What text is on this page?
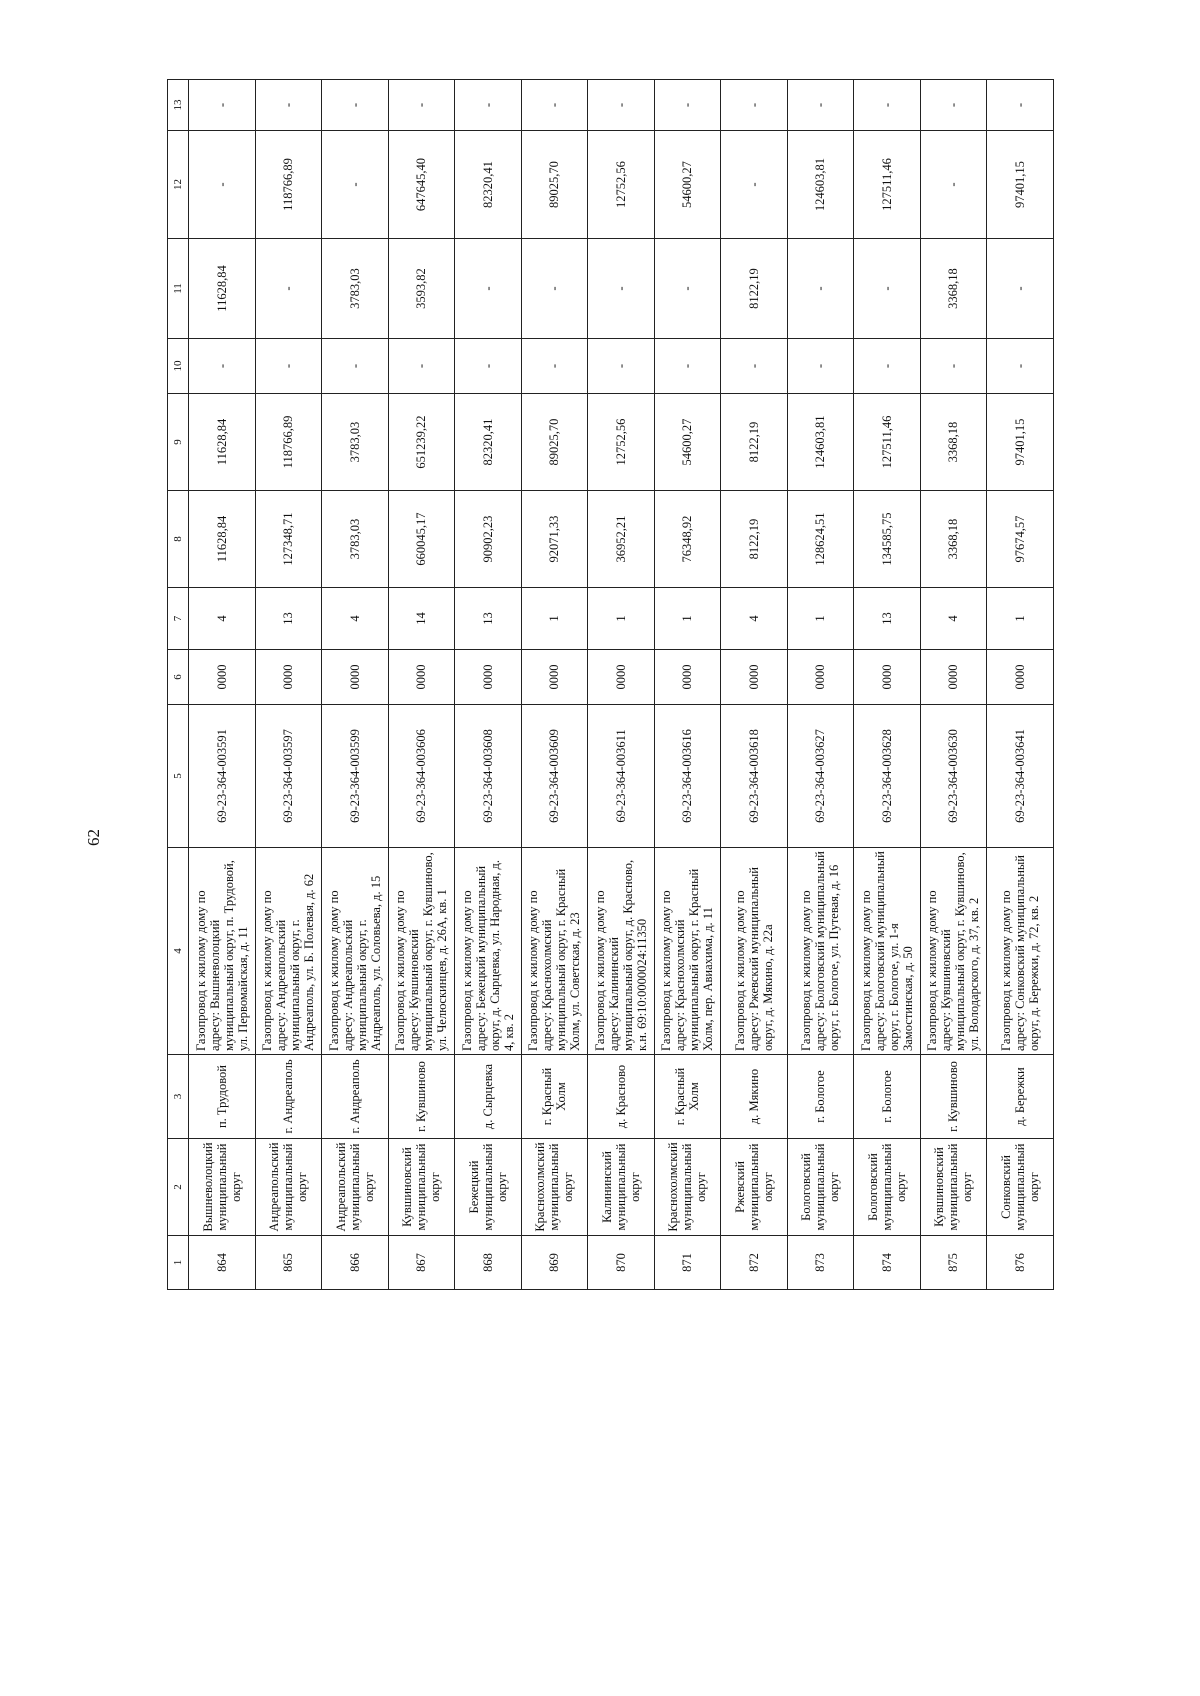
62
1	2	3	4	5	6	7	8	9	10	11	12	13
864	Вышневолоцкий муниципальный округ	п. Трудовой	Газопровод к жилому дому по адресу: Вышневолоцкий муниципальный округ, п. Трудовой, ул. Первомайская, д. 11	69-23-364-003591	0000	4	11628,84	11628,84	-	11628,84	-	-
865	Андреапольский муниципальный округ	г. Андреаполь	Газопровод к жилому дому по адресу: Андреапольский муниципальный округ, г. Андреаполь, ул. Б. Полевая, д. 62	69-23-364-003597	0000	13	127348,71	118766,89	-	-	118766,89	-
866	Андреапольский муниципальный округ	г. Андреаполь	Газопровод к жилому дому по адресу: Андреапольский муниципальный округ, г. Андреаполь, ул. Соловьева, д. 15	69-23-364-003599	0000	4	3783,03	3783,03	-	3783,03	-	-
867	Кувшиновский муниципальный округ	г. Кувшиново	Газопровод к жилому дому по адресу: Кувшиновский муниципальный округ, г. Кувшиново, ул. Челюскинцев, д. 26А, кв. 1	69-23-364-003606	0000	14	660045,17	651239,22	-	3593,82	647645,40	-
868	Бежецкий муниципальный округ	д. Сырцевка	Газопровод к жилому дому по адресу: Бежецкий муниципальный округ, д. Сырцевка, ул. Народная, д. 4, кв. 2	69-23-364-003608	0000	13	90902,23	82320,41	-	-	82320,41	-
869	Краснохолмский муниципальный округ	г. Красный Холм	Газопровод к жилому дому по адресу: Краснохолмский муниципальный округ, г. Красный Холм, ул. Советская, д. 23	69-23-364-003609	0000	1	92071,33	89025,70	-	-	89025,70	-
870	Калининский муниципальный округ	д. Красново	Газопровод к жилому дому по адресу: Калининский муниципальный округ, д. Красново, к.н. 69:10:0000024:11350	69-23-364-003611	0000	1	36952,21	12752,56	-	-	12752,56	-
871	Краснохолмский муниципальный округ	г. Красный Холм	Газопровод к жилому дому по адресу: Краснохолмский муниципальный округ, г. Красный Холм, пер. Авиахима, д. 11	69-23-364-003616	0000	1	76348,92	54600,27	-	-	54600,27	-
872	Ржевский муниципальный округ	д. Мякино	Газопровод к жилому дому по адресу: Ржевский муниципальный округ, д. Мякино, д. 22а	69-23-364-003618	0000	4	8122,19	8122,19	-	8122,19	-	-
873	Бологовский муниципальный округ	г. Бологое	Газопровод к жилому дому по адресу: Бологовский муниципальный округ, г. Бологое, ул. Путевая, д. 16	69-23-364-003627	0000	1	128624,51	124603,81	-	-	124603,81	-
874	Бологовский муниципальный округ	г. Бологое	Газопровод к жилому дому по адресу: Бологовский муниципальный округ, г. Бологое, ул. 1-я Замостинская, д. 50	69-23-364-003628	0000	13	134585,75	127511,46	-	-	127511,46	-
875	Кувшиновский муниципальный округ	г. Кувшиново	Газопровод к жилому дому по адресу: Кувшиновский муниципальный округ, г. Кувшиново, ул. Володарского, д. 37, кв. 2	69-23-364-003630	0000	4	3368,18	3368,18	-	3368,18	-	-
876	Сонковский муниципальный округ	д. Бережки	Газопровод к жилому дому по адресу: Сонковский муниципальный округ, д. Бережки, д. 72, кв. 2	69-23-364-003641	0000	1	97674,57	97401,15	-	-	97401,15	-
